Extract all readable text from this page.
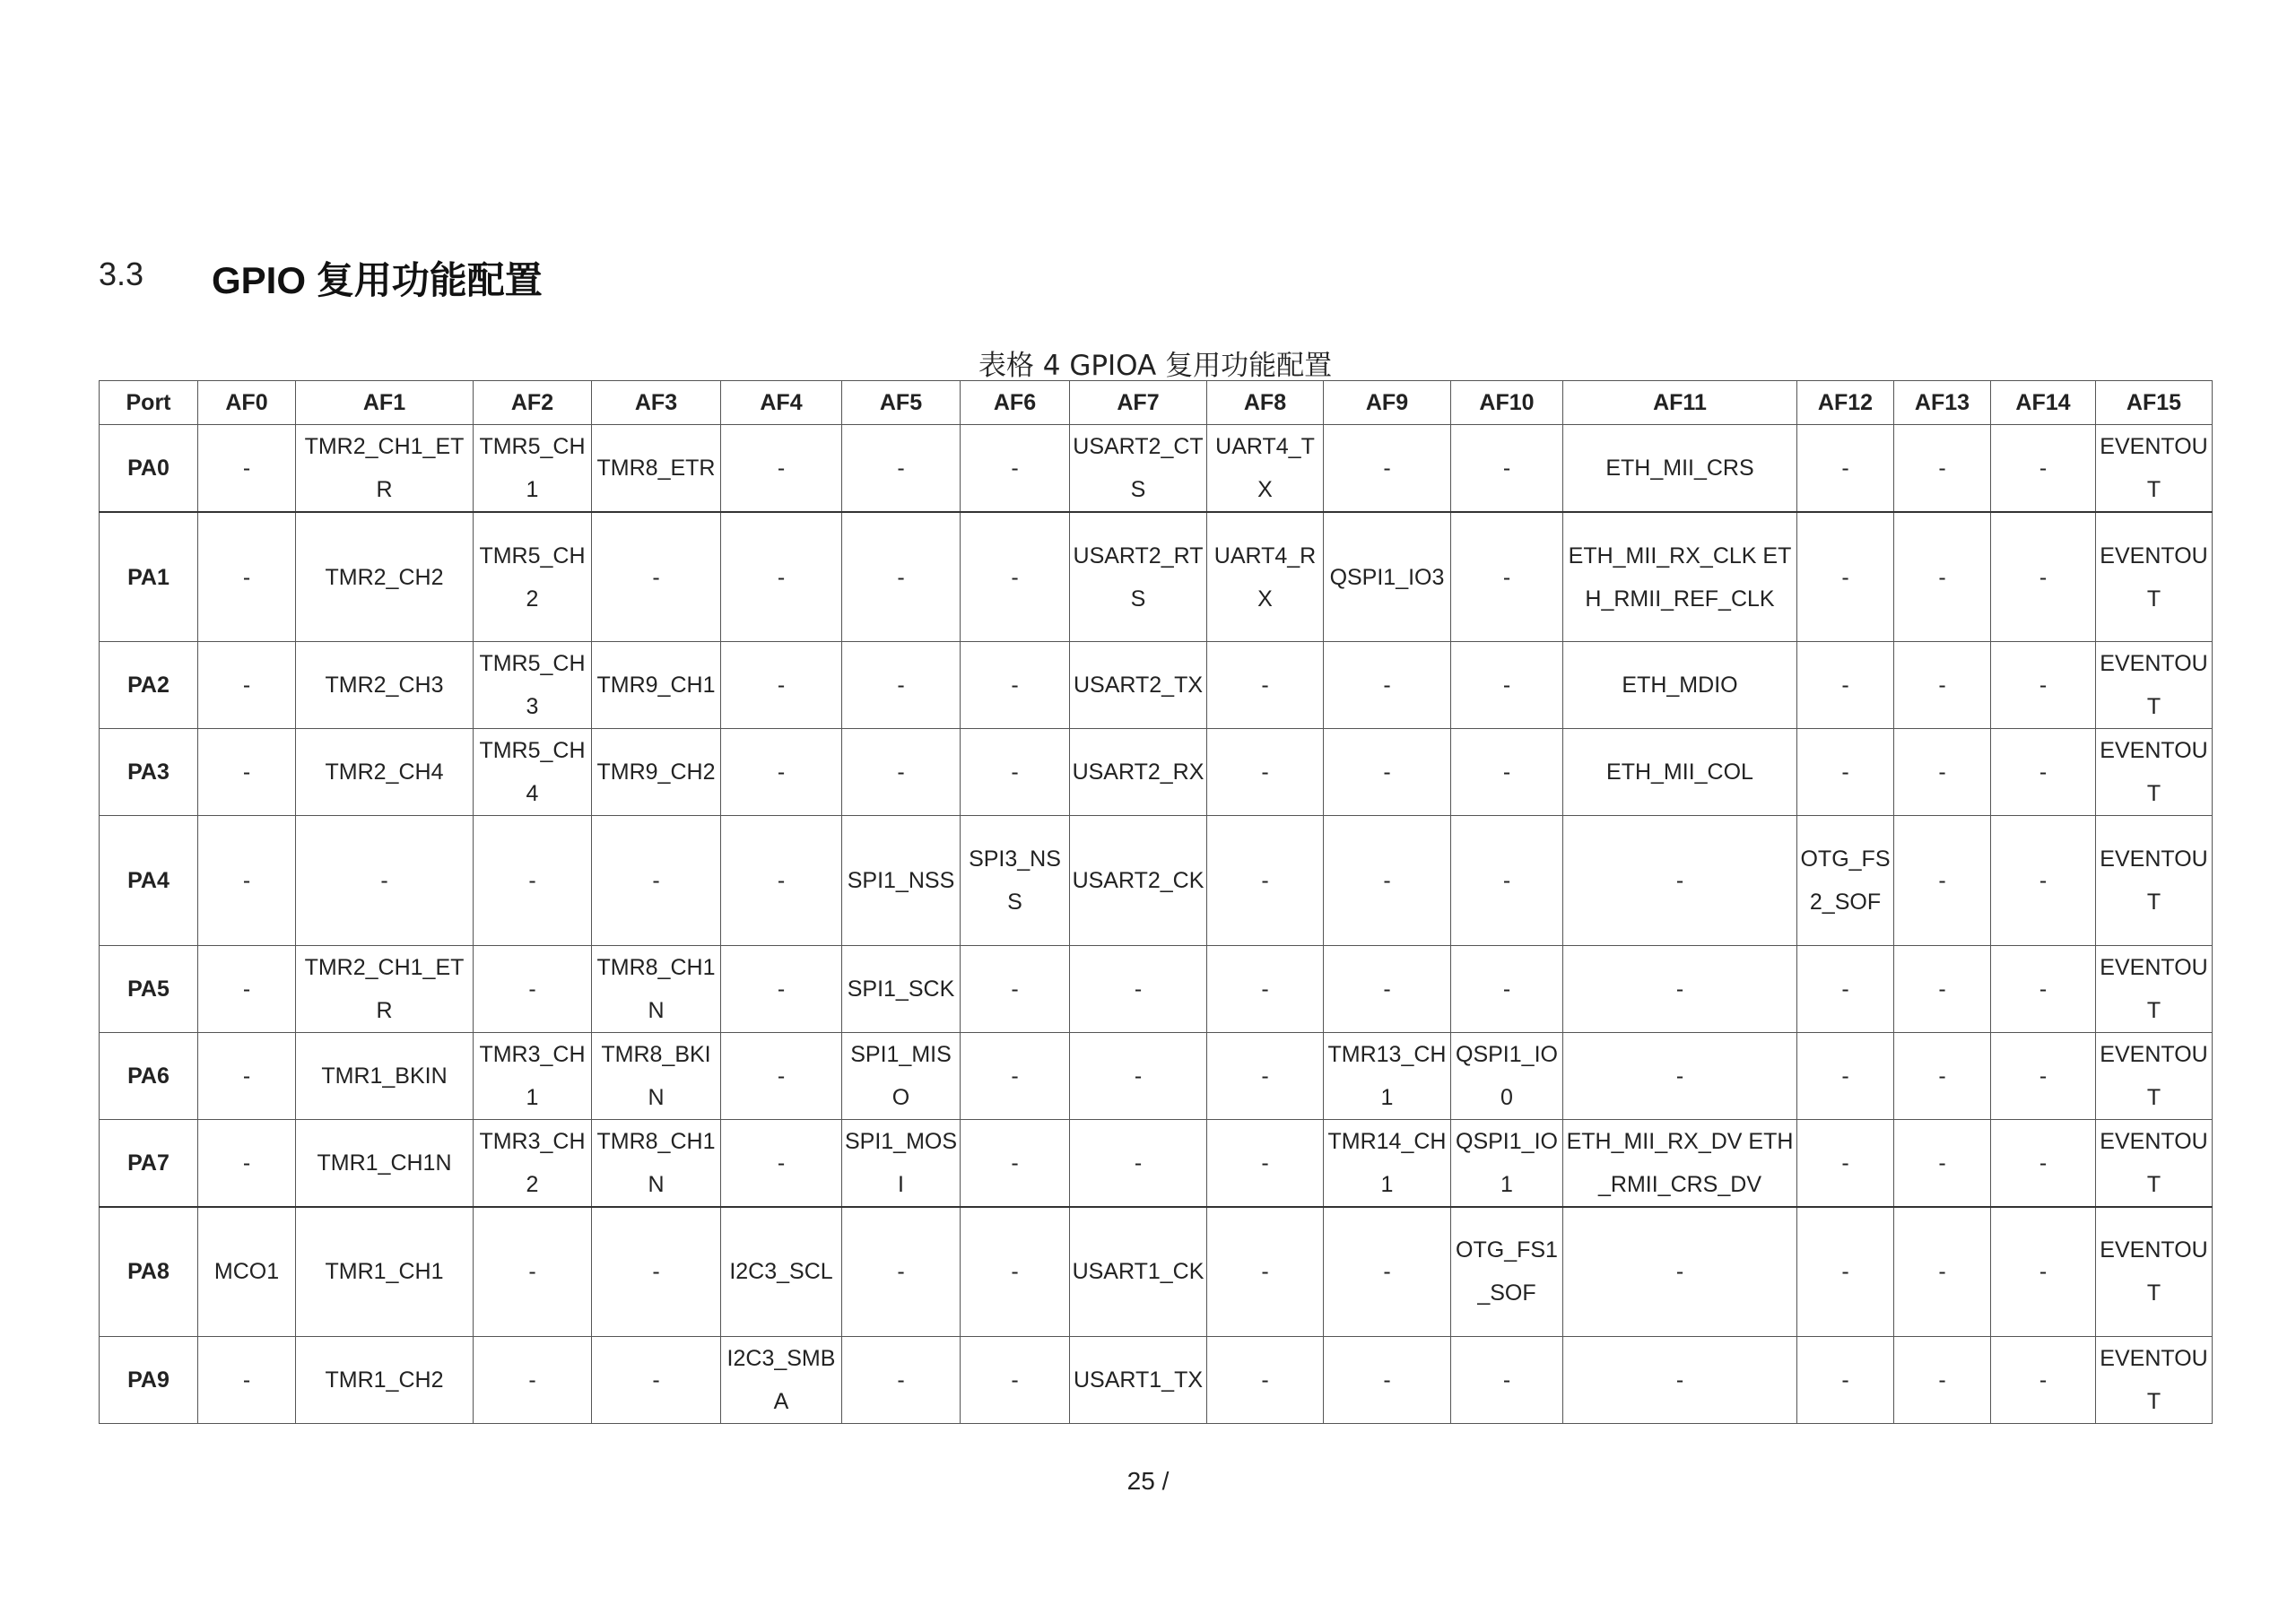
3.3 GPIO 复用功能配置
表格 4 GPIOA 复用功能配置
Port	AF0	AF1	AF2	AF3	AF4	AF5	AF6	AF7	AF8	AF9	AF10	AF11	AF12	AF13	AF14	AF15
PA0	-	TMR2_CH1_ETR	TMR5_CH1	TMR8_ETR	-	-	-	USART2_CTS	UART4_TX	-	-	ETH_MII_CRS	-	-	-	EVENTOUT
PA1	-	TMR2_CH2	TMR5_CH2	-	-	-	-	USART2_RTS	UART4_RX	QSPI1_IO3	-	ETH_MII_RX_CLK ETH_RMII_REF_CLK	-	-	-	EVENTOUT
PA2	-	TMR2_CH3	TMR5_CH3	TMR9_CH1	-	-	-	USART2_TX	-	-	-	ETH_MDIO	-	-	-	EVENTOUT
PA3	-	TMR2_CH4	TMR5_CH4	TMR9_CH2	-	-	-	USART2_RX	-	-	-	ETH_MII_COL	-	-	-	EVENTOUT
PA4	-	-	-	-	-	SPI1_NSS	SPI3_NSS	USART2_CK	-	-	-	-	OTG_FS2_SOF	-	-	EVENTOUT
PA5	-	TMR2_CH1_ETR	-	TMR8_CH1N	-	SPI1_SCK	-	-	-	-	-	-	-	-	-	EVENTOUT
PA6	-	TMR1_BKIN	TMR3_CH1	TMR8_BKIN	-	SPI1_MISO	-	-	-	TMR13_CH1	QSPI1_IO0	-	-	-	-	EVENTOUT
PA7	-	TMR1_CH1N	TMR3_CH2	TMR8_CH1N	-	SPI1_MOSI	-	-	-	TMR14_CH1	QSPI1_IO1	ETH_MII_RX_DV ETH_RMII_CRS_DV	-	-	-	EVENTOUT
PA8	MCO1	TMR1_CH1	-	-	I2C3_SCL	-	-	USART1_CK	-	-	OTG_FS1_SOF	-	-	-	-	EVENTOUT
PA9	-	TMR1_CH2	-	-	I2C3_SMBA	-	-	USART1_TX	-	-	-	-	-	-	-	EVENTOUT
25 /
